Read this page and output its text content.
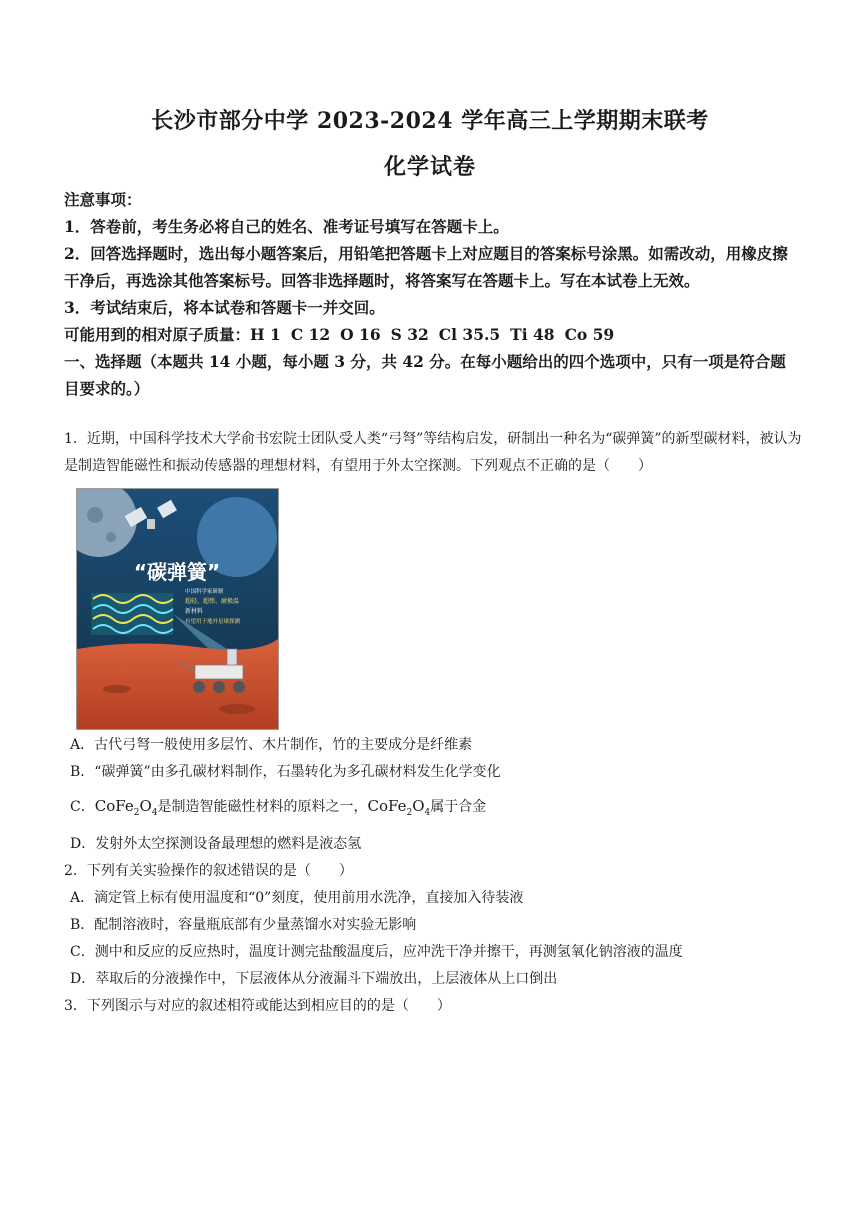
长沙市部分中学 2023-2024 学年高三上学期期末联考
化学试卷

注意事项：

1．答卷前，考生务必将自己的姓名、准考证号填写在答题卡上。

2．回答选择题时，选出每小题答案后，用铅笔把答题卡上对应题目的答案标号涂黑。如需改动，用橡皮擦干净后，再选涂其他答案标号。回答非选择题时，将答案写在答题卡上。写在本试卷上无效。

3．考试结束后，将本试卷和答题卡一并交回。

可能用到的相对原子质量：H 1 C 12 O 16 S 32 Cl 35.5 Ti 48 Co 59

一、选择题（本题共 14 小题，每小题 3 分，共 42 分。在每小题给出的四个选项中，只有一项是符合题目要求的。）

1．近期，中国科学技术大学俞书宏院士团队受人类“弓弩”等结构启发，研制出一种名为“碳弹簧”的新型碳材料，被认为是制造智能磁性和振动传感器的理想材料，有望用于外太空探测。下列观点不正确的是（　　）

“碳弹簧”
中国科学家研制
超轻、超弹、耐极温
新材料
有望用于地外星球探测
A．古代弓弩一般使用多层竹、木片制作，竹的主要成分是纤维素
B．“碳弹簧”由多孔碳材料制作，石墨转化为多孔碳材料发生化学变化
C．$CoFe_2O_4$是制造智能磁性材料的原料之一，$CoFe_2O_4$属于合金
D．发射外太空探测设备最理想的燃料是液态氢
2．下列有关实验操作的叙述错误的是（　　）
A．滴定管上标有使用温度和“0”刻度，使用前用水洗净，直接加入待装液
B．配制溶液时，容量瓶底部有少量蒸馏水对实验无影响
C．测中和反应的反应热时，温度计测完盐酸温度后，应冲洗干净并擦干，再测氢氧化钠溶液的温度
D．萃取后的分液操作中，下层液体从分液漏斗下端放出，上层液体从上口倒出
3．下列图示与对应的叙述相符或能达到相应目的的是（　　）
